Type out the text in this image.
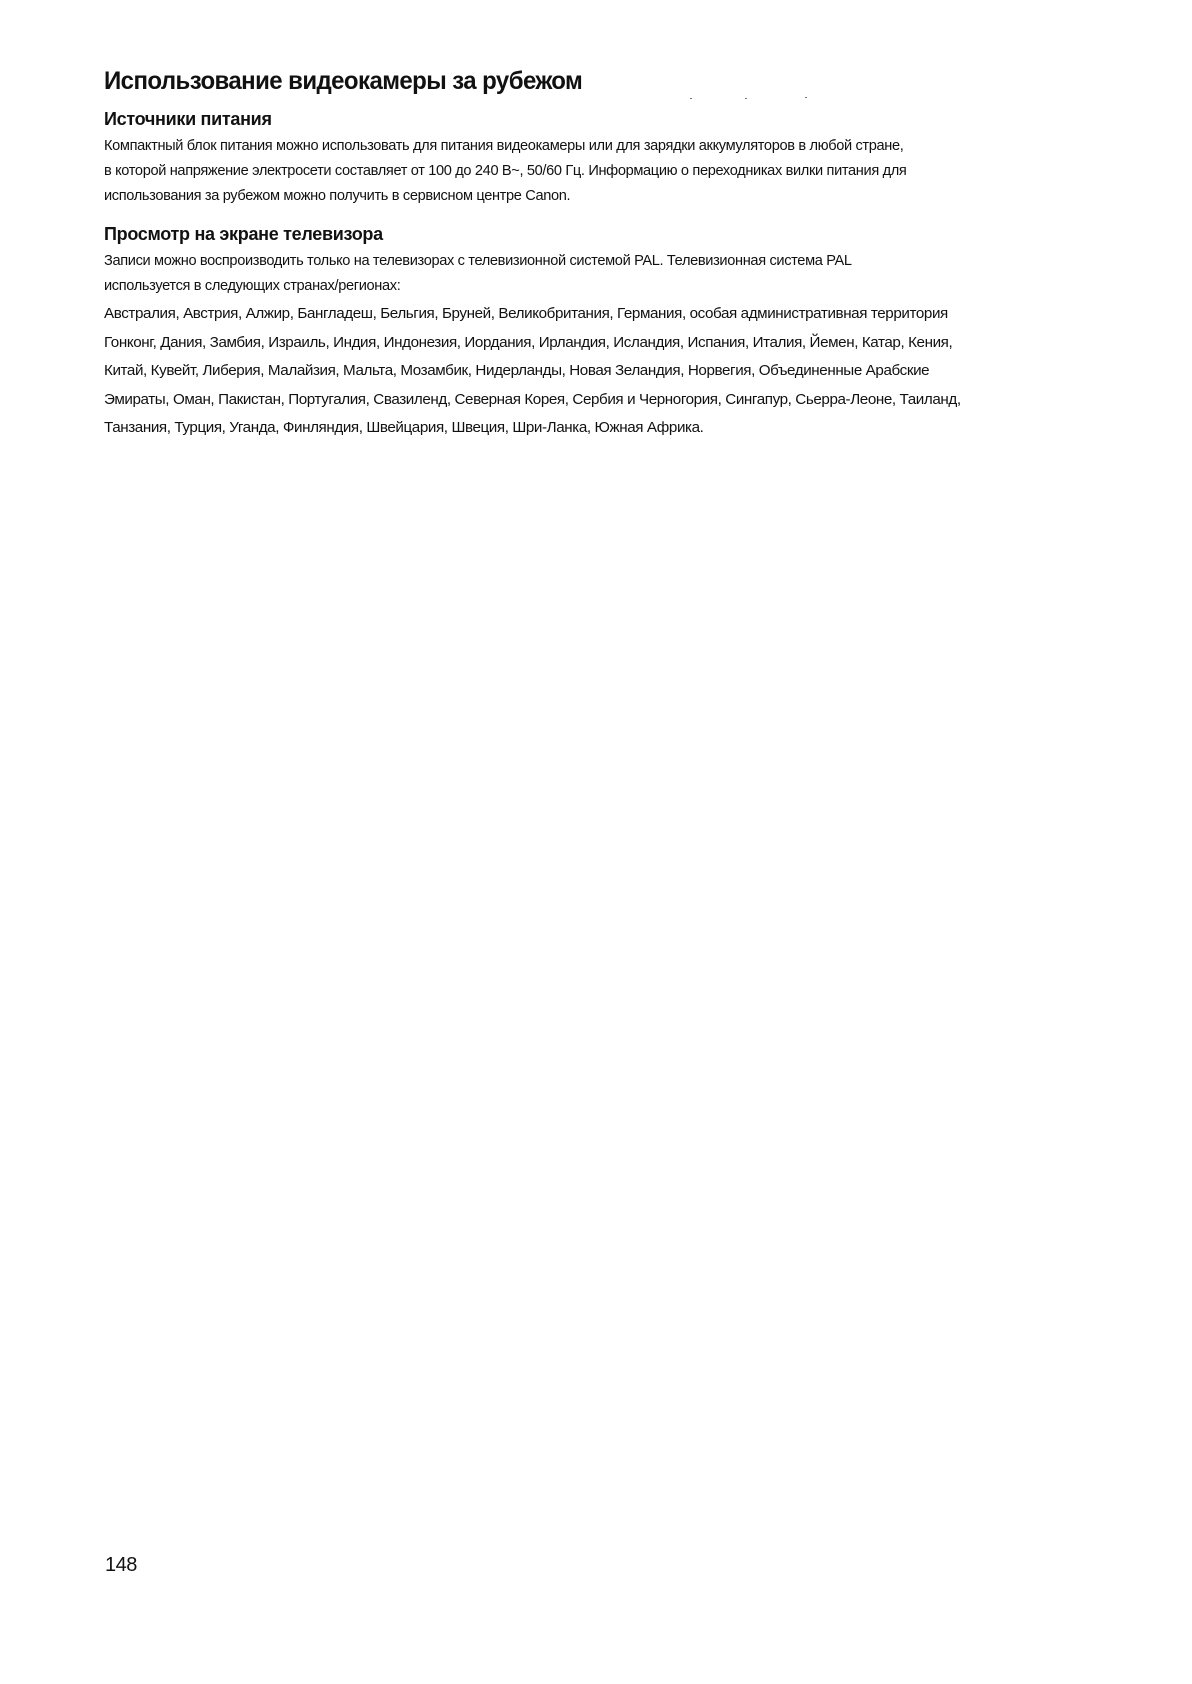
Использование видеокамеры за рубежом
Источники питания

Компактный блок питания можно использовать для питания видеокамеры или для зарядки аккумуляторов в любой стране,
в которой напряжение электросети составляет от 100 до 240 В~, 50/60 Гц. Информацию о переходниках вилки питания для
использования за рубежом можно получить в сервисном центре Canon.

Просмотр на экране телевизора

Записи можно воспроизводить только на телевизорах с телевизионной системой PAL. Телевизионная система PAL
используется в следующих странах/регионах:

Австралия, Австрия, Алжир, Бангладеш, Бельгия, Бруней, Великобритания, Германия, особая административная территория
Гонконг, Дания, Замбия, Израиль, Индия, Индонезия, Иордания, Ирландия, Исландия, Испания, Италия, Йемен, Катар, Кения,
Китай, Кувейт, Либерия, Малайзия, Мальта, Мозамбик, Нидерланды, Новая Зеландия, Норвегия, Объединенные Арабские
Эмираты, Оман, Пакистан, Португалия, Свазиленд, Северная Корея, Сербия и Черногория, Сингапур, Сьерра-Леоне, Таиланд,
Танзания, Турция, Уганда, Финляндия, Швейцария, Швеция, Шри-Ланка, Южная Африка.

148
